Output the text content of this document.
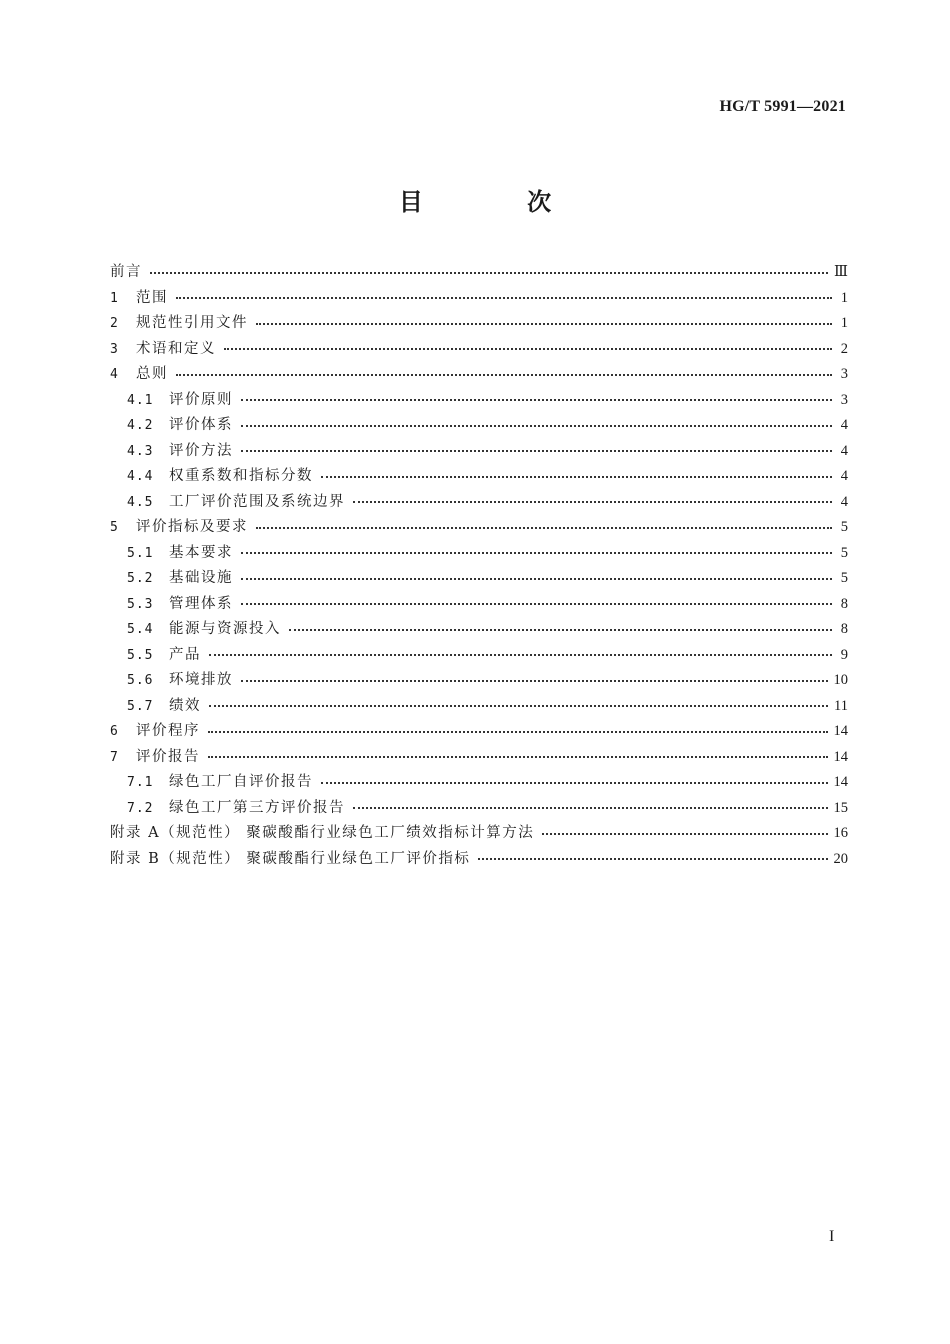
HG/T 5991—2021
目 次
前言	Ⅲ
1	范围	1
2	规范性引用文件	1
3	术语和定义	2
4	总则	3
4.1	评价原则	3
4.2	评价体系	4
4.3	评价方法	4
4.4	权重系数和指标分数	4
4.5	工厂评价范围及系统边界	4
5	评价指标及要求	5
5.1	基本要求	5
5.2	基础设施	5
5.3	管理体系	8
5.4	能源与资源投入	8
5.5	产品	9
5.6	环境排放	10
5.7	绩效	11
6	评价程序	14
7	评价报告	14
7.1	绿色工厂自评价报告	14
7.2	绿色工厂第三方评价报告	15
附录 A（规范性） 聚碳酸酯行业绿色工厂绩效指标计算方法	16
附录 B（规范性） 聚碳酸酯行业绿色工厂评价指标	20
I
